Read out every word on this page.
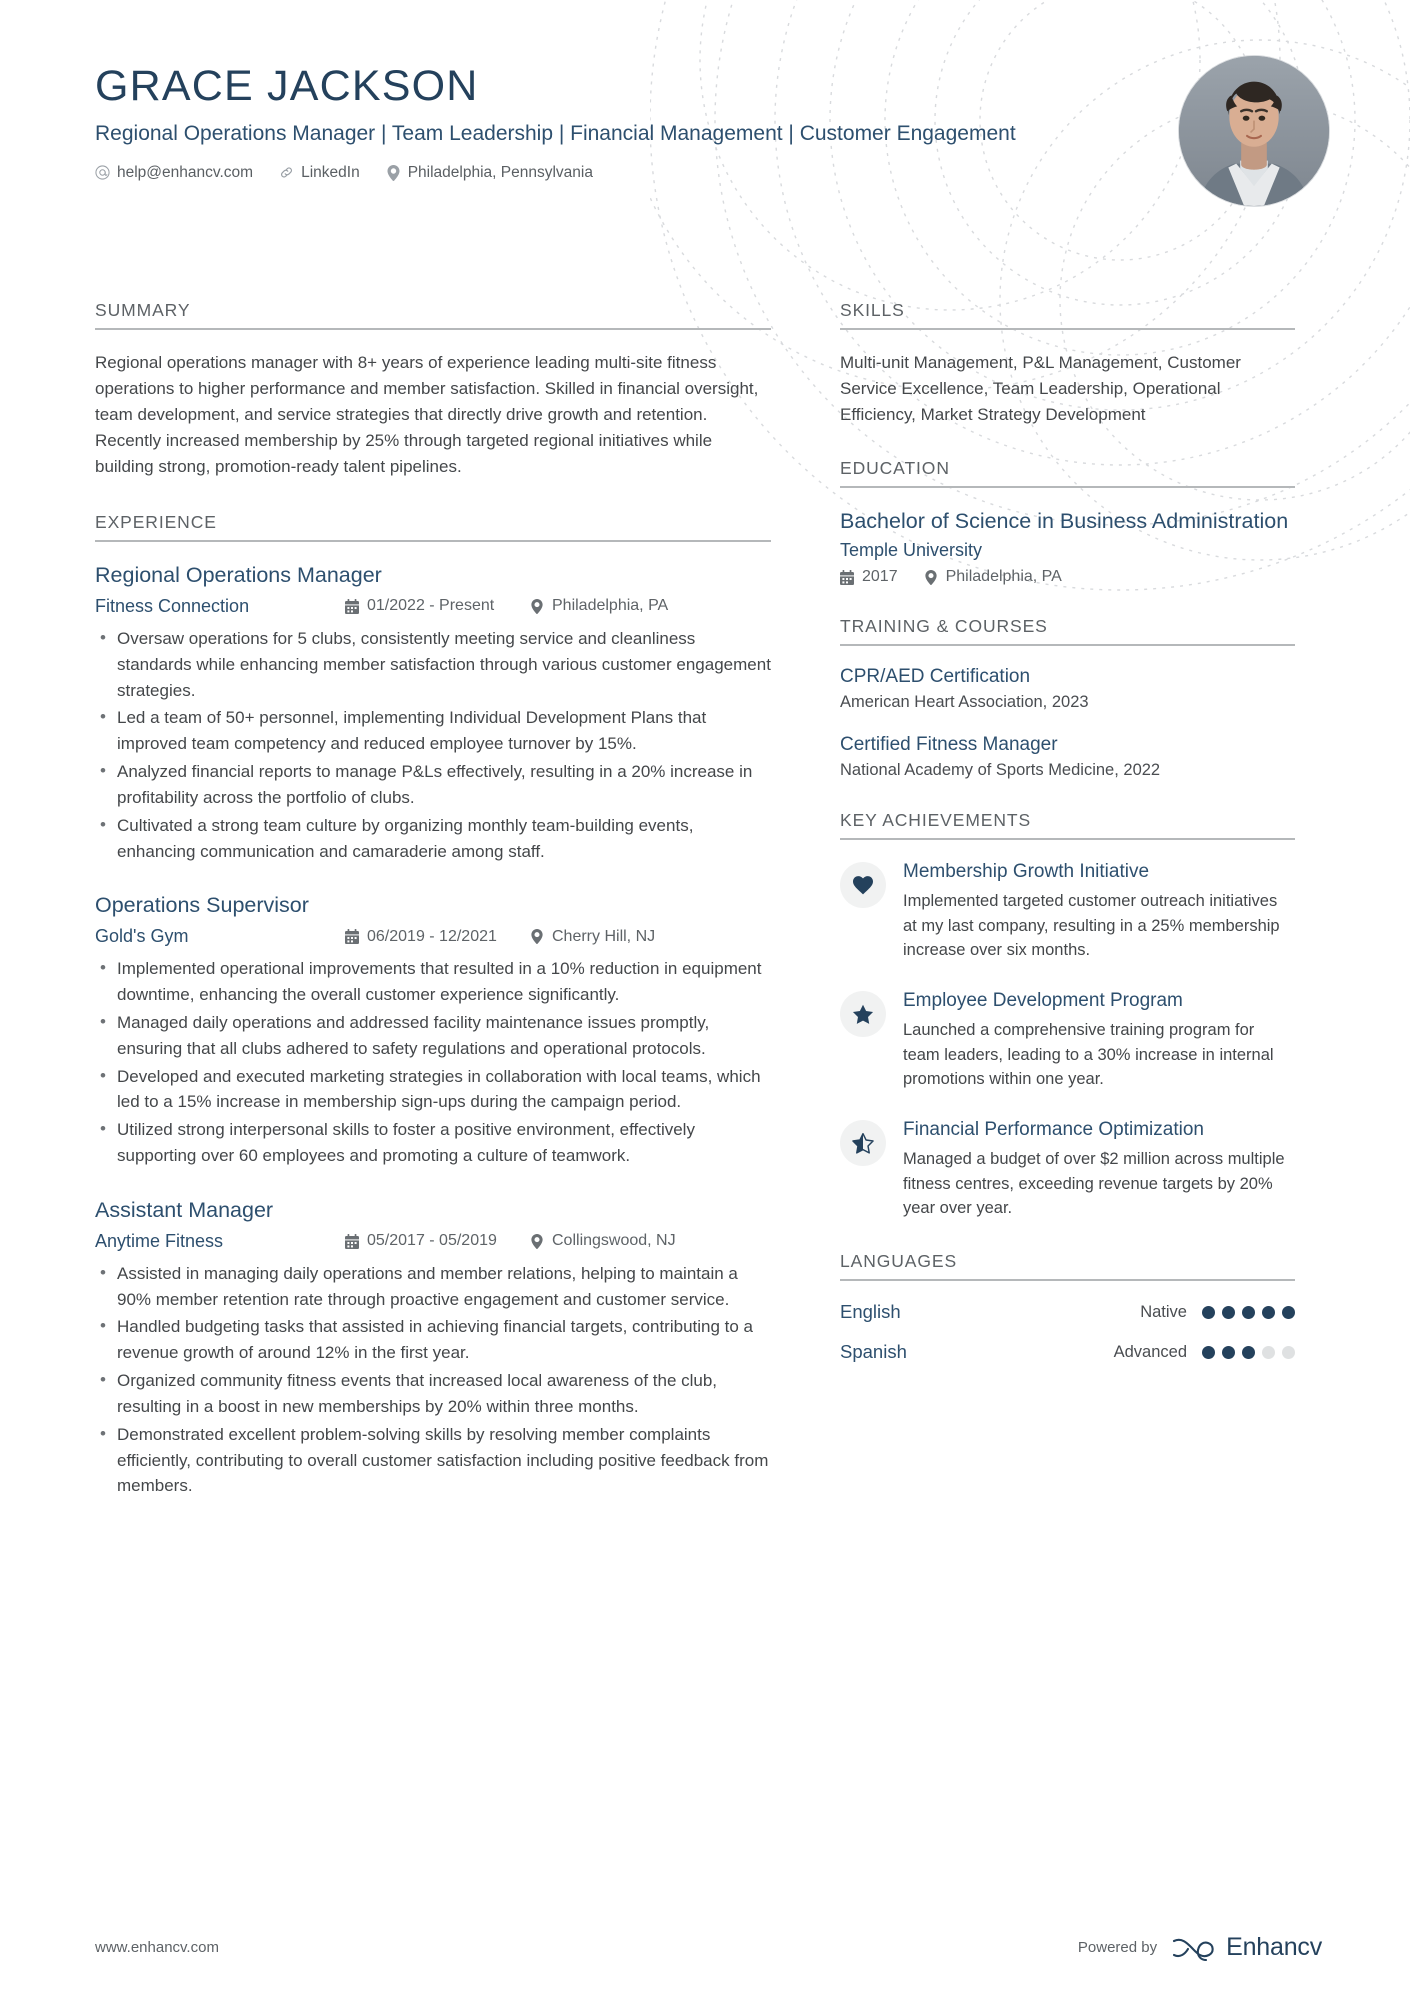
GRACE JACKSON
Regional Operations Manager | Team Leadership | Financial Management | Customer Engagement
help@enhancv.com	LinkedIn	Philadelphia, Pennsylvania
SUMMARY
Regional operations manager with 8+ years of experience leading multi-site fitness operations to higher performance and member satisfaction. Skilled in financial oversight, team development, and service strategies that directly drive growth and retention. Recently increased membership by 25% through targeted regional initiatives while building strong, promotion-ready talent pipelines.
EXPERIENCE
Regional Operations Manager
Fitness Connection	01/2022 - Present	Philadelphia, PA
• Oversaw operations for 5 clubs, consistently meeting service and cleanliness standards while enhancing member satisfaction through various customer engagement strategies.
• Led a team of 50+ personnel, implementing Individual Development Plans that improved team competency and reduced employee turnover by 15%.
• Analyzed financial reports to manage P&Ls effectively, resulting in a 20% increase in profitability across the portfolio of clubs.
• Cultivated a strong team culture by organizing monthly team-building events, enhancing communication and camaraderie among staff.
Operations Supervisor
Gold's Gym	06/2019 - 12/2021	Cherry Hill, NJ
• Implemented operational improvements that resulted in a 10% reduction in equipment downtime, enhancing the overall customer experience significantly.
• Managed daily operations and addressed facility maintenance issues promptly, ensuring that all clubs adhered to safety regulations and operational protocols.
• Developed and executed marketing strategies in collaboration with local teams, which led to a 15% increase in membership sign-ups during the campaign period.
• Utilized strong interpersonal skills to foster a positive environment, effectively supporting over 60 employees and promoting a culture of teamwork.
Assistant Manager
Anytime Fitness	05/2017 - 05/2019	Collingswood, NJ
• Assisted in managing daily operations and member relations, helping to maintain a 90% member retention rate through proactive engagement and customer service.
• Handled budgeting tasks that assisted in achieving financial targets, contributing to a revenue growth of around 12% in the first year.
• Organized community fitness events that increased local awareness of the club, resulting in a boost in new memberships by 20% within three months.
• Demonstrated excellent problem-solving skills by resolving member complaints efficiently, contributing to overall customer satisfaction including positive feedback from members.
SKILLS
Multi-unit Management, P&L Management, Customer Service Excellence, Team Leadership, Operational Efficiency, Market Strategy Development
EDUCATION
Bachelor of Science in Business Administration
Temple University
2017	Philadelphia, PA
TRAINING & COURSES
CPR/AED Certification
American Heart Association, 2023
Certified Fitness Manager
National Academy of Sports Medicine, 2022
KEY ACHIEVEMENTS
Membership Growth Initiative
Implemented targeted customer outreach initiatives at my last company, resulting in a 25% membership increase over six months.
Employee Development Program
Launched a comprehensive training program for team leaders, leading to a 30% increase in internal promotions within one year.
Financial Performance Optimization
Managed a budget of over $2 million across multiple fitness centres, exceeding revenue targets by 20% year over year.
LANGUAGES
English	Native
Spanish	Advanced
www.enhancv.com	Powered by	Enhancv
